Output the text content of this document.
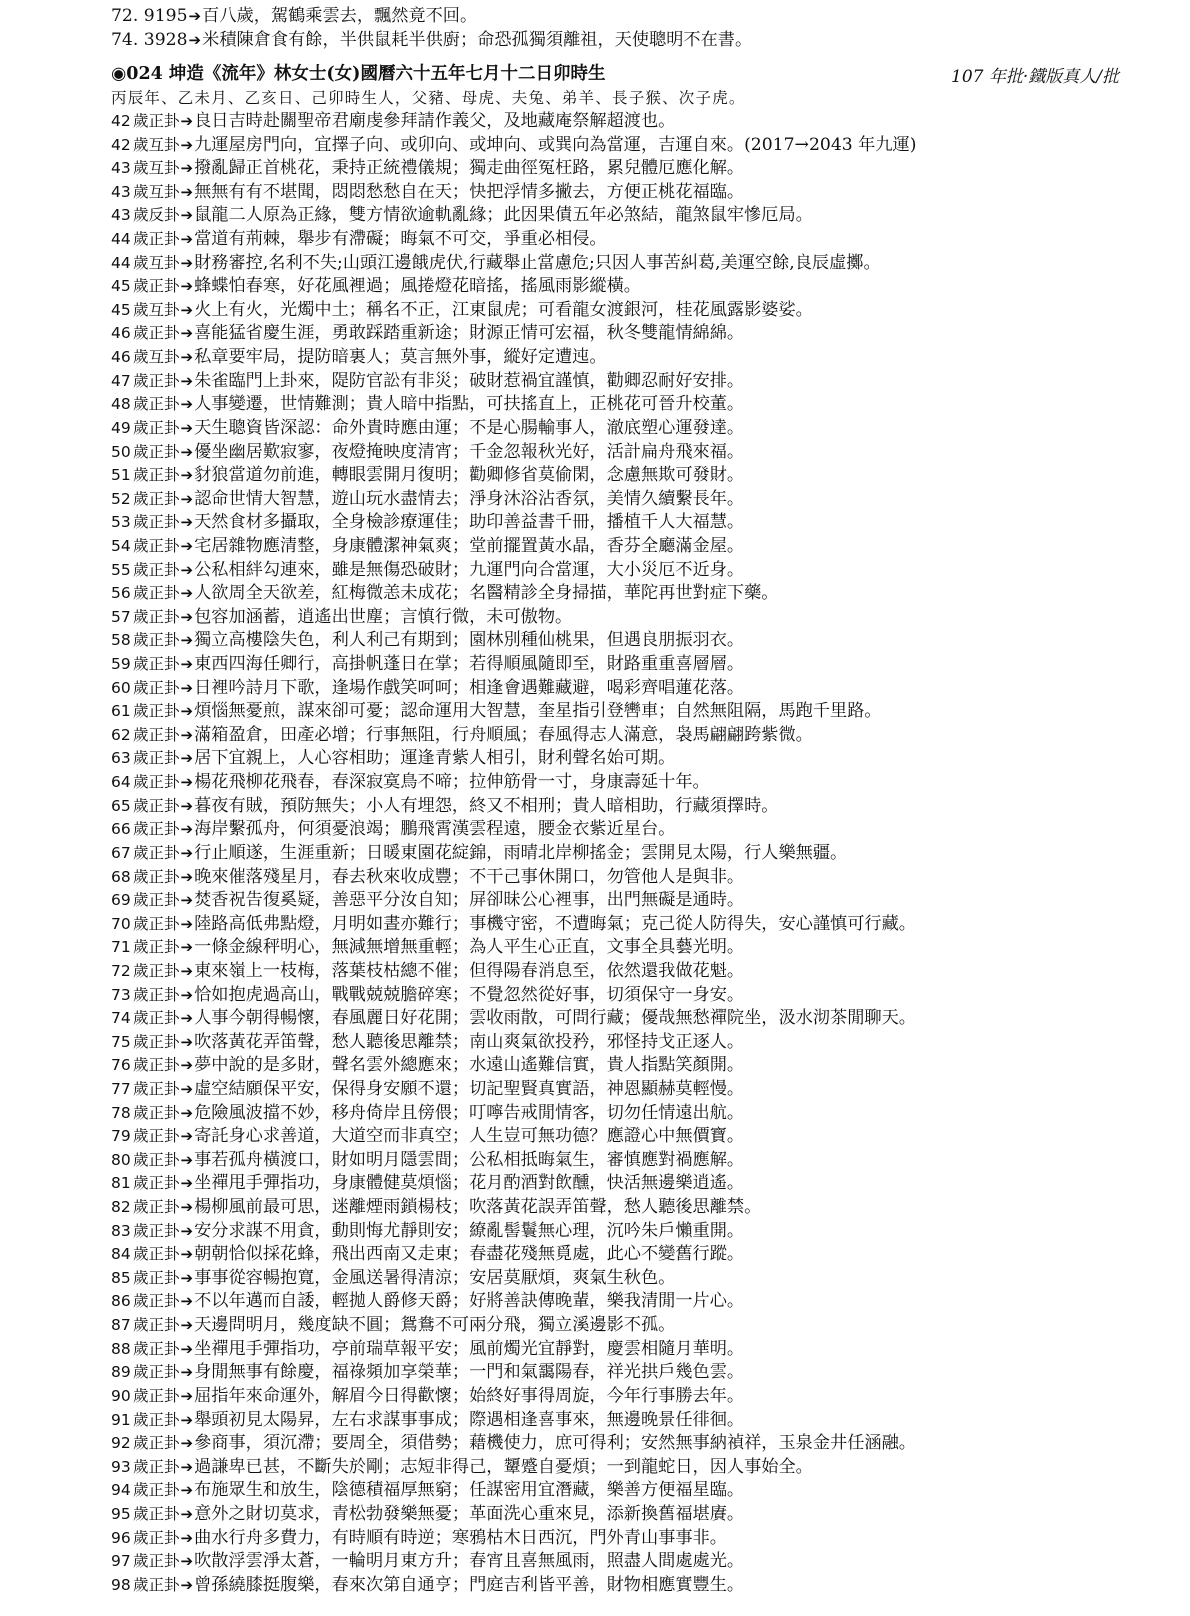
72. 9195➔百八歲，駕鶴乘雲去，飄然竟不回。
74. 3928➔米積陳倉食有餘，半供鼠耗半供廚；命恐孤獨須離祖，天使聰明不在書。
◉024 坤造《流年》林女士(女)國曆六十五年七月十二日卯時生	107 年批·鐵版真人/批
丙辰年、乙未月、乙亥日、己卯時生人，父豬、母虎、夫兔、弟羊、長子猴、次子虎。
42 歲正卦➔良日吉時赴關聖帝君廟虔參拜請作義父，及地藏庵祭解超渡也。
42 歲互卦➔九運屋房門向，宜擇子向、或卯向、或坤向、或巽向為當運，吉運自來。(2017→2043 年九運)
43 歲互卦➔撥亂歸正首桃花，秉持正統禮儀規；獨走曲徑冤枉路，累兒體厄應化解。
43 歲互卦➔無無有有不堪聞，悶悶愁愁自在天；快把浮情多撇去，方便正桃花福臨。
43 歲反卦➔鼠龍二人原為正緣，雙方情欲逾軌亂緣；此因果債五年必煞結，龍煞鼠牢慘厄局。
44 歲正卦➔當道有荊棘，舉步有滯礙；晦氣不可交，爭重必相侵。
44 歲互卦➔財務審控,名利不失;山頭江邊餓虎伏,行藏舉止當慮危;只因人事苦糾葛,美運空餘,良辰虛擲。
45 歲正卦➔蜂蝶怕春寒，好花風裡過；風捲燈花暗搖，搖風雨影縱橫。
45 歲互卦➔火上有火，光燭中土；稱名不正，江東鼠虎；可看龍女渡銀河，桂花風露影婆娑。
46 歲正卦➔喜能猛省慶生涯，勇敢踩踏重新途；財源正情可宏福，秋冬雙龍情綿綿。
46 歲互卦➔私章要牢局，提防暗裏人；莫言無外事，縱好定遭迍。
47 歲正卦➔朱雀臨門上卦來，隄防官訟有非災；破財惹禍宜謹慎，勸卿忍耐好安排。
48 歲正卦➔人事變遷，世情難測；貴人暗中指點，可扶搖直上，正桃花可晉升校董。
49 歲正卦➔天生聰資皆深認：命外貴時應由運；不是心腸輸事人，澈底塑心運發達。
50 歲正卦➔優坐幽居歎寂寥，夜燈掩映度清宵；千金忽報秋光好，活計扁舟飛來福。
51 歲正卦➔豺狼當道勿前進，轉眼雲開月復明；勸卿修省莫偷閑，念慮無欺可發財。
52 歲正卦➔認命世情大智慧，遊山玩水盡情去；淨身沐浴沾香氛，美情久續繫長年。
53 歲正卦➔天然食材多攝取，全身檢診療運佳；助印善益書千冊，播植千人大福慧。
54 歲正卦➔宅居雜物應清整，身康體潔神氣爽；堂前擺置黃水晶，香芬全廳滿金屋。
55 歲正卦➔公私相絆勾連來，雖是無傷恐破財；九運門向合當運，大小災厄不近身。
56 歲正卦➔人欲周全天欲差，紅梅微恙未成花；名醫精診全身掃描，華陀再世對症下藥。
57 歲正卦➔包容加涵蓄，逍遙出世塵；言慎行微，未可傲物。
58 歲正卦➔獨立高樓陰失色，利人利己有期到；園林別種仙桃果，但遇良朋振羽衣。
59 歲正卦➔東西四海任卿行，高掛帆蓬日在掌；若得順風隨即至，財路重重喜層層。
60 歲正卦➔日裡吟詩月下歌，逢場作戲笑呵呵；相逢會遇難藏避，喝彩齊唱蓮花落。
61 歲正卦➔煩惱無憂煎，謀來卻可憂；認命運用大智慧，奎星指引登轡車；自然無阻隔，馬跑千里路。
62 歲正卦➔滿箱盈倉，田產必增；行事無阻，行舟順風；春風得志人滿意，袅馬翩翩跨紫微。
63 歲正卦➔居下宜親上，人心容相助；運逢青紫人相引，財利聲名始可期。
64 歲正卦➔楊花飛柳花飛春，春深寂寞鳥不啼；拉伸筋骨一寸，身康壽延十年。
65 歲正卦➔暮夜有賊，預防無失；小人有埋怨，終又不相刑；貴人暗相助，行藏須擇時。
66 歲正卦➔海岸繫孤舟，何須憂浪竭；鵬飛霄漢雲程遠，腰金衣紫近星台。
67 歲正卦➔行止順遂，生涯重新；日暖東園花綻錦，雨晴北岸柳搖金；雲開見太陽，行人樂無疆。
68 歲正卦➔晚來催落殘星月，春去秋來收成豐；不干己事休開口，勿管他人是與非。
69 歲正卦➔焚香祝告復奚疑，善惡平分汝自知；屏卻昧公心裡事，出門無礙是通時。
70 歲正卦➔陸路高低弗點燈，月明如晝亦難行；事機守密，不遭晦氣；克己從人防得失，安心謹慎可行藏。
71 歲正卦➔一條金線秤明心，無減無增無重輕；為人平生心正直，文事全具藝光明。
72 歲正卦➔東來嶺上一枝梅，落葉枝枯總不催；但得陽春消息至，依然還我做花魁。
73 歲正卦➔恰如抱虎過高山，戰戰兢兢膽碎寒；不覺忽然從好事，切須保守一身安。
74 歲正卦➔人事今朝得暢懷，春風麗日好花開；雲收雨散，可問行藏；優哉無愁禪院坐，汲水沏茶閒聊天。
75 歲正卦➔吹落黃花弄笛聲，愁人聽後思離禁；南山爽氣欲投矜，邪怪持戈正逐人。
76 歲正卦➔夢中說的是多財，聲名雲外總應來；水遠山遙難信實，貴人指點笑顏開。
77 歲正卦➔虛空結願保平安，保得身安願不還；切記聖賢真實語，神恩顯赫莫輕慢。
78 歲正卦➔危險風波擋不妙，移舟倚岸且傍偎；叮嚀告戒閒情客，切勿任情遠出航。
79 歲正卦➔寄託身心求善道，大道空而非真空；人生豈可無功德？應證心中無價寶。
80 歲正卦➔事若孤舟橫渡口，財如明月隱雲間；公私相抵晦氣生，審慎應對禍應解。
81 歲正卦➔坐禪甩手彈指功，身康體健莫煩惱；花月酌酒對飲醺，快活無邊樂逍遙。
82 歲正卦➔楊柳風前最可思，迷離煙雨鎖楊枝；吹落黃花誤弄笛聲，愁人聽後思離禁。
83 歲正卦➔安分求謀不用貪，動則悔尤靜則安；繚亂髻鬟無心理，沉吟朱戶懶重開。
84 歲正卦➔朝朝恰似採花蜂，飛出西南又走東；春盡花殘無覓處，此心不變舊行蹤。
85 歲正卦➔事事從容暢抱寬，金風送暑得清涼；安居莫厭煩，爽氣生秋色。
86 歲正卦➔不以年邁而自諉，輕拋人爵修天爵；好將善訣傳晚輩，樂我清閒一片心。
87 歲正卦➔天邊問明月，幾度缺不圓；鴛鴦不可兩分飛，獨立溪邊影不孤。
88 歲正卦➔坐禪甩手彈指功，亭前瑞草報平安；風前燭光宜靜對，慶雲相隨月華明。
89 歲正卦➔身閒無事有餘慶，福祿頻加享榮華；一門和氣靄陽春，祥光拱戶幾色雲。
90 歲正卦➔屈指年來命運外，解眉今日得歡懷；始終好事得周旋，今年行事勝去年。
91 歲正卦➔舉頭初見太陽昇，左右求謀事事成；際遇相逢喜事來，無邊晚景任徘徊。
92 歲正卦➔參商事，須沉滯；要周全，須借勢；藉機使力，庶可得利；安然無事納禎祥，玉泉金井任涵融。
93 歲正卦➔過謙卑已甚，不斷失於剛；志短非得己，顰蹙自憂煩；一到龍蛇日，因人事始全。
94 歲正卦➔布施眾生和放生，陰德積福厚無窮；任謀密用宜潛藏，樂善方便福星臨。
95 歲正卦➔意外之財切莫求，青松勃發樂無憂；革面洗心重來見，添新換舊福堪賡。
96 歲正卦➔曲水行舟多費力，有時順有時逆；寒鴉枯木日西沉，門外青山事事非。
97 歲正卦➔吹散浮雲淨太蒼，一輪明月東方升；春宵且喜無風雨，照盡人間處處光。
98 歲正卦➔曾孫繞膝挺腹樂，春來次第自通亨；門庭吉利皆平善，財物相應實豐生。
